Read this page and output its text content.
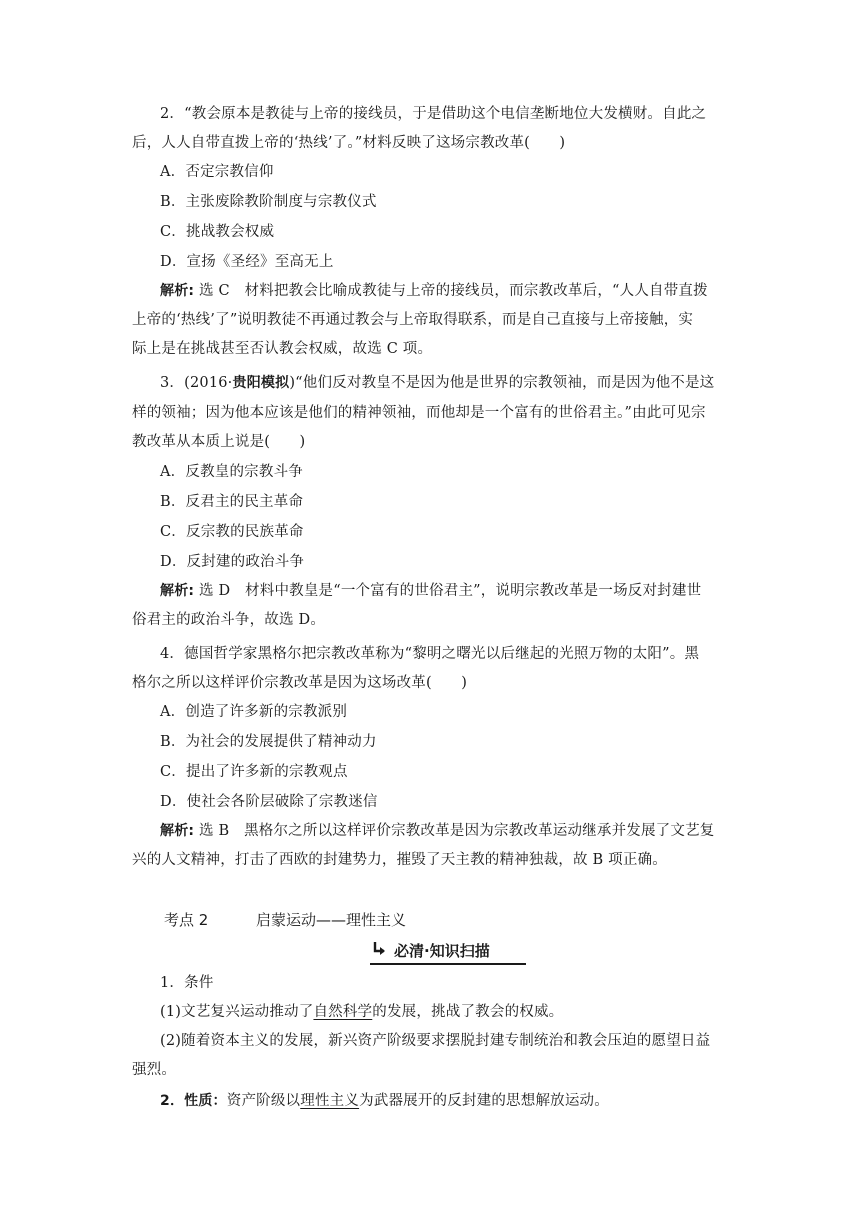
2．“教会原本是教徒与上帝的接线员，于是借助这个电信垄断地位大发横财。自此之
后，人人自带直拨上帝的‘热线’了。”材料反映了这场宗教改革(　　)
A．否定宗教信仰
B．主张废除教阶制度与宗教仪式
C．挑战教会权威
D．宣扬《圣经》至高无上
解析: 选 C　材料把教会比喻成教徒与上帝的接线员，而宗教改革后，“人人自带直拨
上帝的‘热线’了”说明教徒不再通过教会与上帝取得联系，而是自己直接与上帝接触，实
际上是在挑战甚至否认教会权威，故选 C 项。
3．(2016·贵阳模拟)“他们反对教皇不是因为他是世界的宗教领袖，而是因为他不是这
样的领袖；因为他本应该是他们的精神领袖，而他却是一个富有的世俗君主。”由此可见宗
教改革从本质上说是(　　)
A．反教皇的宗教斗争
B．反君主的民主革命
C．反宗教的民族革命
D．反封建的政治斗争
解析: 选 D　材料中教皇是“一个富有的世俗君主”，说明宗教改革是一场反对封建世
俗君主的政治斗争，故选 D。
4．德国哲学家黑格尔把宗教改革称为“黎明之曙光以后继起的光照万物的太阳”。黑
格尔之所以这样评价宗教改革是因为这场改革(　　)
A．创造了许多新的宗教派别
B．为社会的发展提供了精神动力
C．提出了许多新的宗教观点
D．使社会各阶层破除了宗教迷信
解析: 选 B　黑格尔之所以这样评价宗教改革是因为宗教改革运动继承并发展了文艺复
兴的人文精神，打击了西欧的封建势力，摧毁了天主教的精神独裁，故 B 项正确。
考点 2	启蒙运动——理性主义
必清·知识扫描
1．条件
(1)文艺复兴运动推动了自然科学的发展，挑战了教会的权威。
(2)随着资本主义的发展，新兴资产阶级要求摆脱封建专制统治和教会压迫的愿望日益
强烈。
2．性质：资产阶级以理性主义为武器展开的反封建的思想解放运动。
